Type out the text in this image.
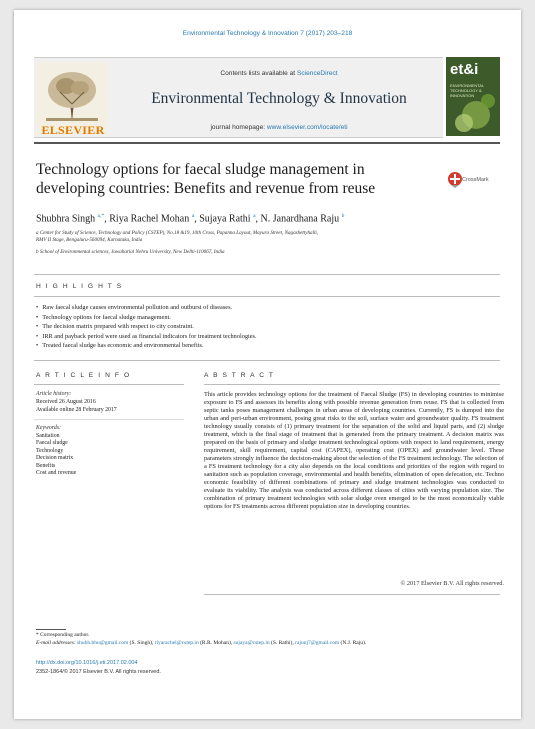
Environmental Technology & Innovation 7 (2017) 203–218
ELSEVIER
Contents lists available at ScienceDirect
Environmental Technology & Innovation
journal homepage: www.elsevier.com/locate/eti
et&i
ENVIRONMENTAL TECHNOLOGY & INNOVATION
Technology options for faecal sludge management in
developing countries: Benefits and revenue from reuse	CrossMark
Shubhra Singh $^{a,*}$, Riya Rachel Mohan $^a$, Sujaya Rathi $^a$, N. Janardhana Raju $^b$
a Center for Study of Science, Technology and Policy (CSTEP), No.18 &19, 10th Cross, Papanna Layout, Mayura Street, Nagashettyhalli,
RMV II Stage, Bengaluru-560094, Karnataka, India
b School of Environmental sciences, Jawaharlal Nehru University, New Delhi-110067, India
H I G H L I G H T S
• Raw faecal sludge causes environmental pollution and outburst of diseases.
• Technology options for faecal sludge management.
• The decision matrix prepared with respect to city constraint.
• IRR and payback period were used as financial indicators for treatment technologies.
• Treated faecal sludge has economic and environmental benefits.
A R T I C L E I N F O
Article history:
Received 26 August 2016
Available online 28 February 2017
Keywords:
Sanitation
Faecal sludge
Technology
Decision matrix
Benefits
Cost and revenue
A B S T R A C T
This article provides technology options for the treatment of Faecal Sludge (FS) in developing countries to minimise exposure to FS and assesses its benefits along with possible revenue generation from reuse. FS that is collected from septic tanks poses management challenges in urban areas of developing countries. Currently, FS is dumped into the urban and peri-urban environment, posing great risks to the soil, surface water and groundwater quality. FS treatment technology usually consists of (1) primary treatment for the separation of the solid and liquid parts, and (2) sludge treatment, which is the final stage of treatment that is generated from the primary treatment. A decision matrix was prepared on the basis of primary and sludge treatment technological options with respect to land requirement, energy requirement, skill requirement, capital cost (CAPEX), operating cost (OPEX) and groundwater level. These parameters strongly influence the decision-making about the selection of the FS treatment technology. The selection of a FS treatment technology for a city also depends on the local conditions and priorities of the region with regard to sanitation such as population coverage, environmental and health benefits, elimination of open defecation, etc. Techno economic feasibility of different combinations of primary and sludge treatment technologies was conducted to evaluate its viability. The analysis was conducted across different classes of cities with varying population size. The combination of primary treatment technologies with solar sludge oven emerged to be the most economically viable options for FS treatments across different population size in developing countries.
© 2017 Elsevier B.V. All rights reserved.
* Corresponding author.
E-mail addresses: shubh.bhu@gmail.com (S. Singh), riyarachel@cstep.in (R.R. Mohan), sujaya@cstep.in (S. Rathi), rajunj7@gmail.com (N.J. Raju).
http://dx.doi.org/10.1016/j.eti.2017.02.004
2352-1864/© 2017 Elsevier B.V. All rights reserved.
